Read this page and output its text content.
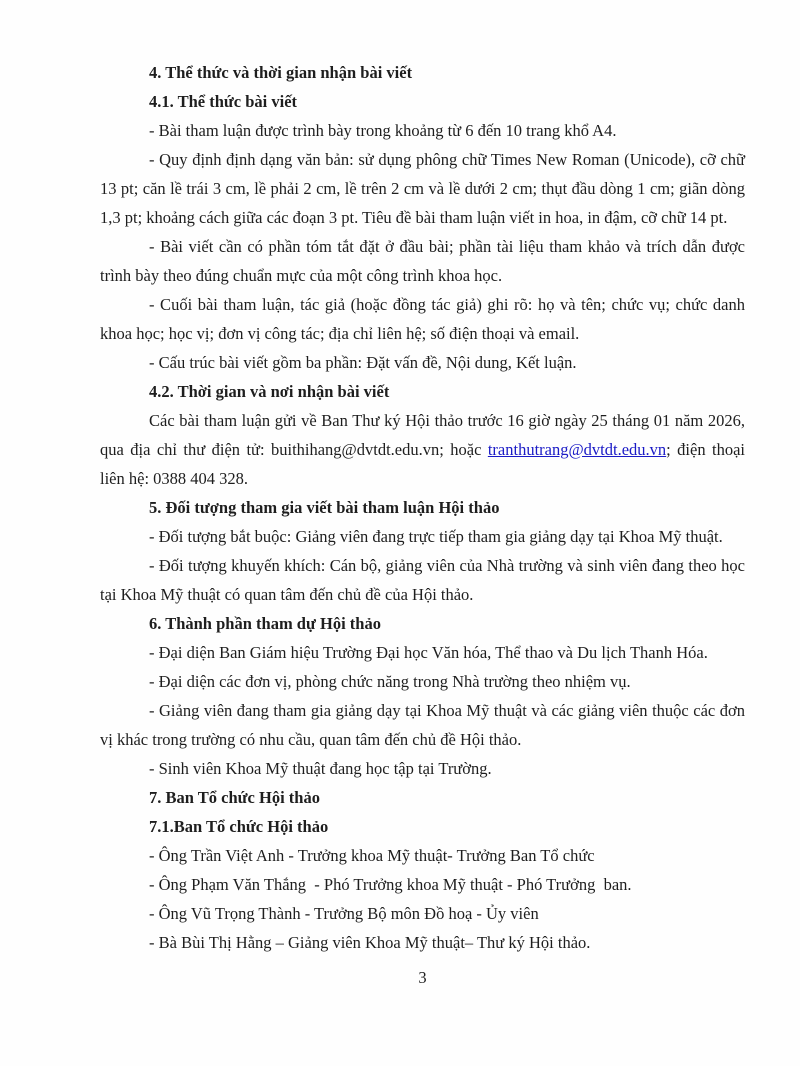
4. Thể thức và thời gian nhận bài viết

4.1. Thể thức bài viết

- Bài tham luận được trình bày trong khoảng từ 6 đến 10 trang khổ A4.

- Quy định định dạng văn bản: sử dụng phông chữ Times New Roman (Unicode), cỡ chữ 13 pt; căn lề trái 3 cm, lề phải 2 cm, lề trên 2 cm và lề dưới 2 cm; thụt đầu dòng 1 cm; giãn dòng 1,3 pt; khoảng cách giữa các đoạn 3 pt. Tiêu đề bài tham luận viết in hoa, in đậm, cỡ chữ 14 pt.

- Bài viết cần có phần tóm tắt đặt ở đầu bài; phần tài liệu tham khảo và trích dẫn được trình bày theo đúng chuẩn mực của một công trình khoa học.

- Cuối bài tham luận, tác giả (hoặc đồng tác giả) ghi rõ: họ và tên; chức vụ; chức danh khoa học; học vị; đơn vị công tác; địa chỉ liên hệ; số điện thoại và email.

- Cấu trúc bài viết gồm ba phần: Đặt vấn đề, Nội dung, Kết luận.

4.2. Thời gian và nơi nhận bài viết

Các bài tham luận gửi về Ban Thư ký Hội thảo trước 16 giờ ngày 25 tháng 01 năm 2026, qua địa chỉ thư điện tử: buithihang@dvtdt.edu.vn; hoặc tranthutrang@dvtdt.edu.vn; điện thoại liên hệ: 0388 404 328.

5. Đối tượng tham gia viết bài tham luận Hội thảo

- Đối tượng bắt buộc: Giảng viên đang trực tiếp tham gia giảng dạy tại Khoa Mỹ thuật.

- Đối tượng khuyến khích: Cán bộ, giảng viên của Nhà trường và sinh viên đang theo học tại Khoa Mỹ thuật có quan tâm đến chủ đề của Hội thảo.

6. Thành phần tham dự Hội thảo

- Đại diện Ban Giám hiệu Trường Đại học Văn hóa, Thể thao và Du lịch Thanh Hóa.

- Đại diện các đơn vị, phòng chức năng trong Nhà trường theo nhiệm vụ.

- Giảng viên đang tham gia giảng dạy tại Khoa Mỹ thuật và các giảng viên thuộc các đơn vị khác trong trường có nhu cầu, quan tâm đến chủ đề Hội thảo.

- Sinh viên Khoa Mỹ thuật đang học tập tại Trường.

7. Ban Tổ chức Hội thảo

7.1.Ban Tổ chức Hội thảo

- Ông Trần Việt Anh - Trưởng khoa Mỹ thuật- Trưởng Ban Tổ chức

- Ông Phạm Văn Thắng  - Phó Trưởng khoa Mỹ thuật - Phó Trưởng  ban.

- Ông Vũ Trọng Thành - Trưởng Bộ môn Đồ hoạ - Ủy viên

- Bà Bùi Thị Hằng – Giảng viên Khoa Mỹ thuật– Thư ký Hội thảo.

3
